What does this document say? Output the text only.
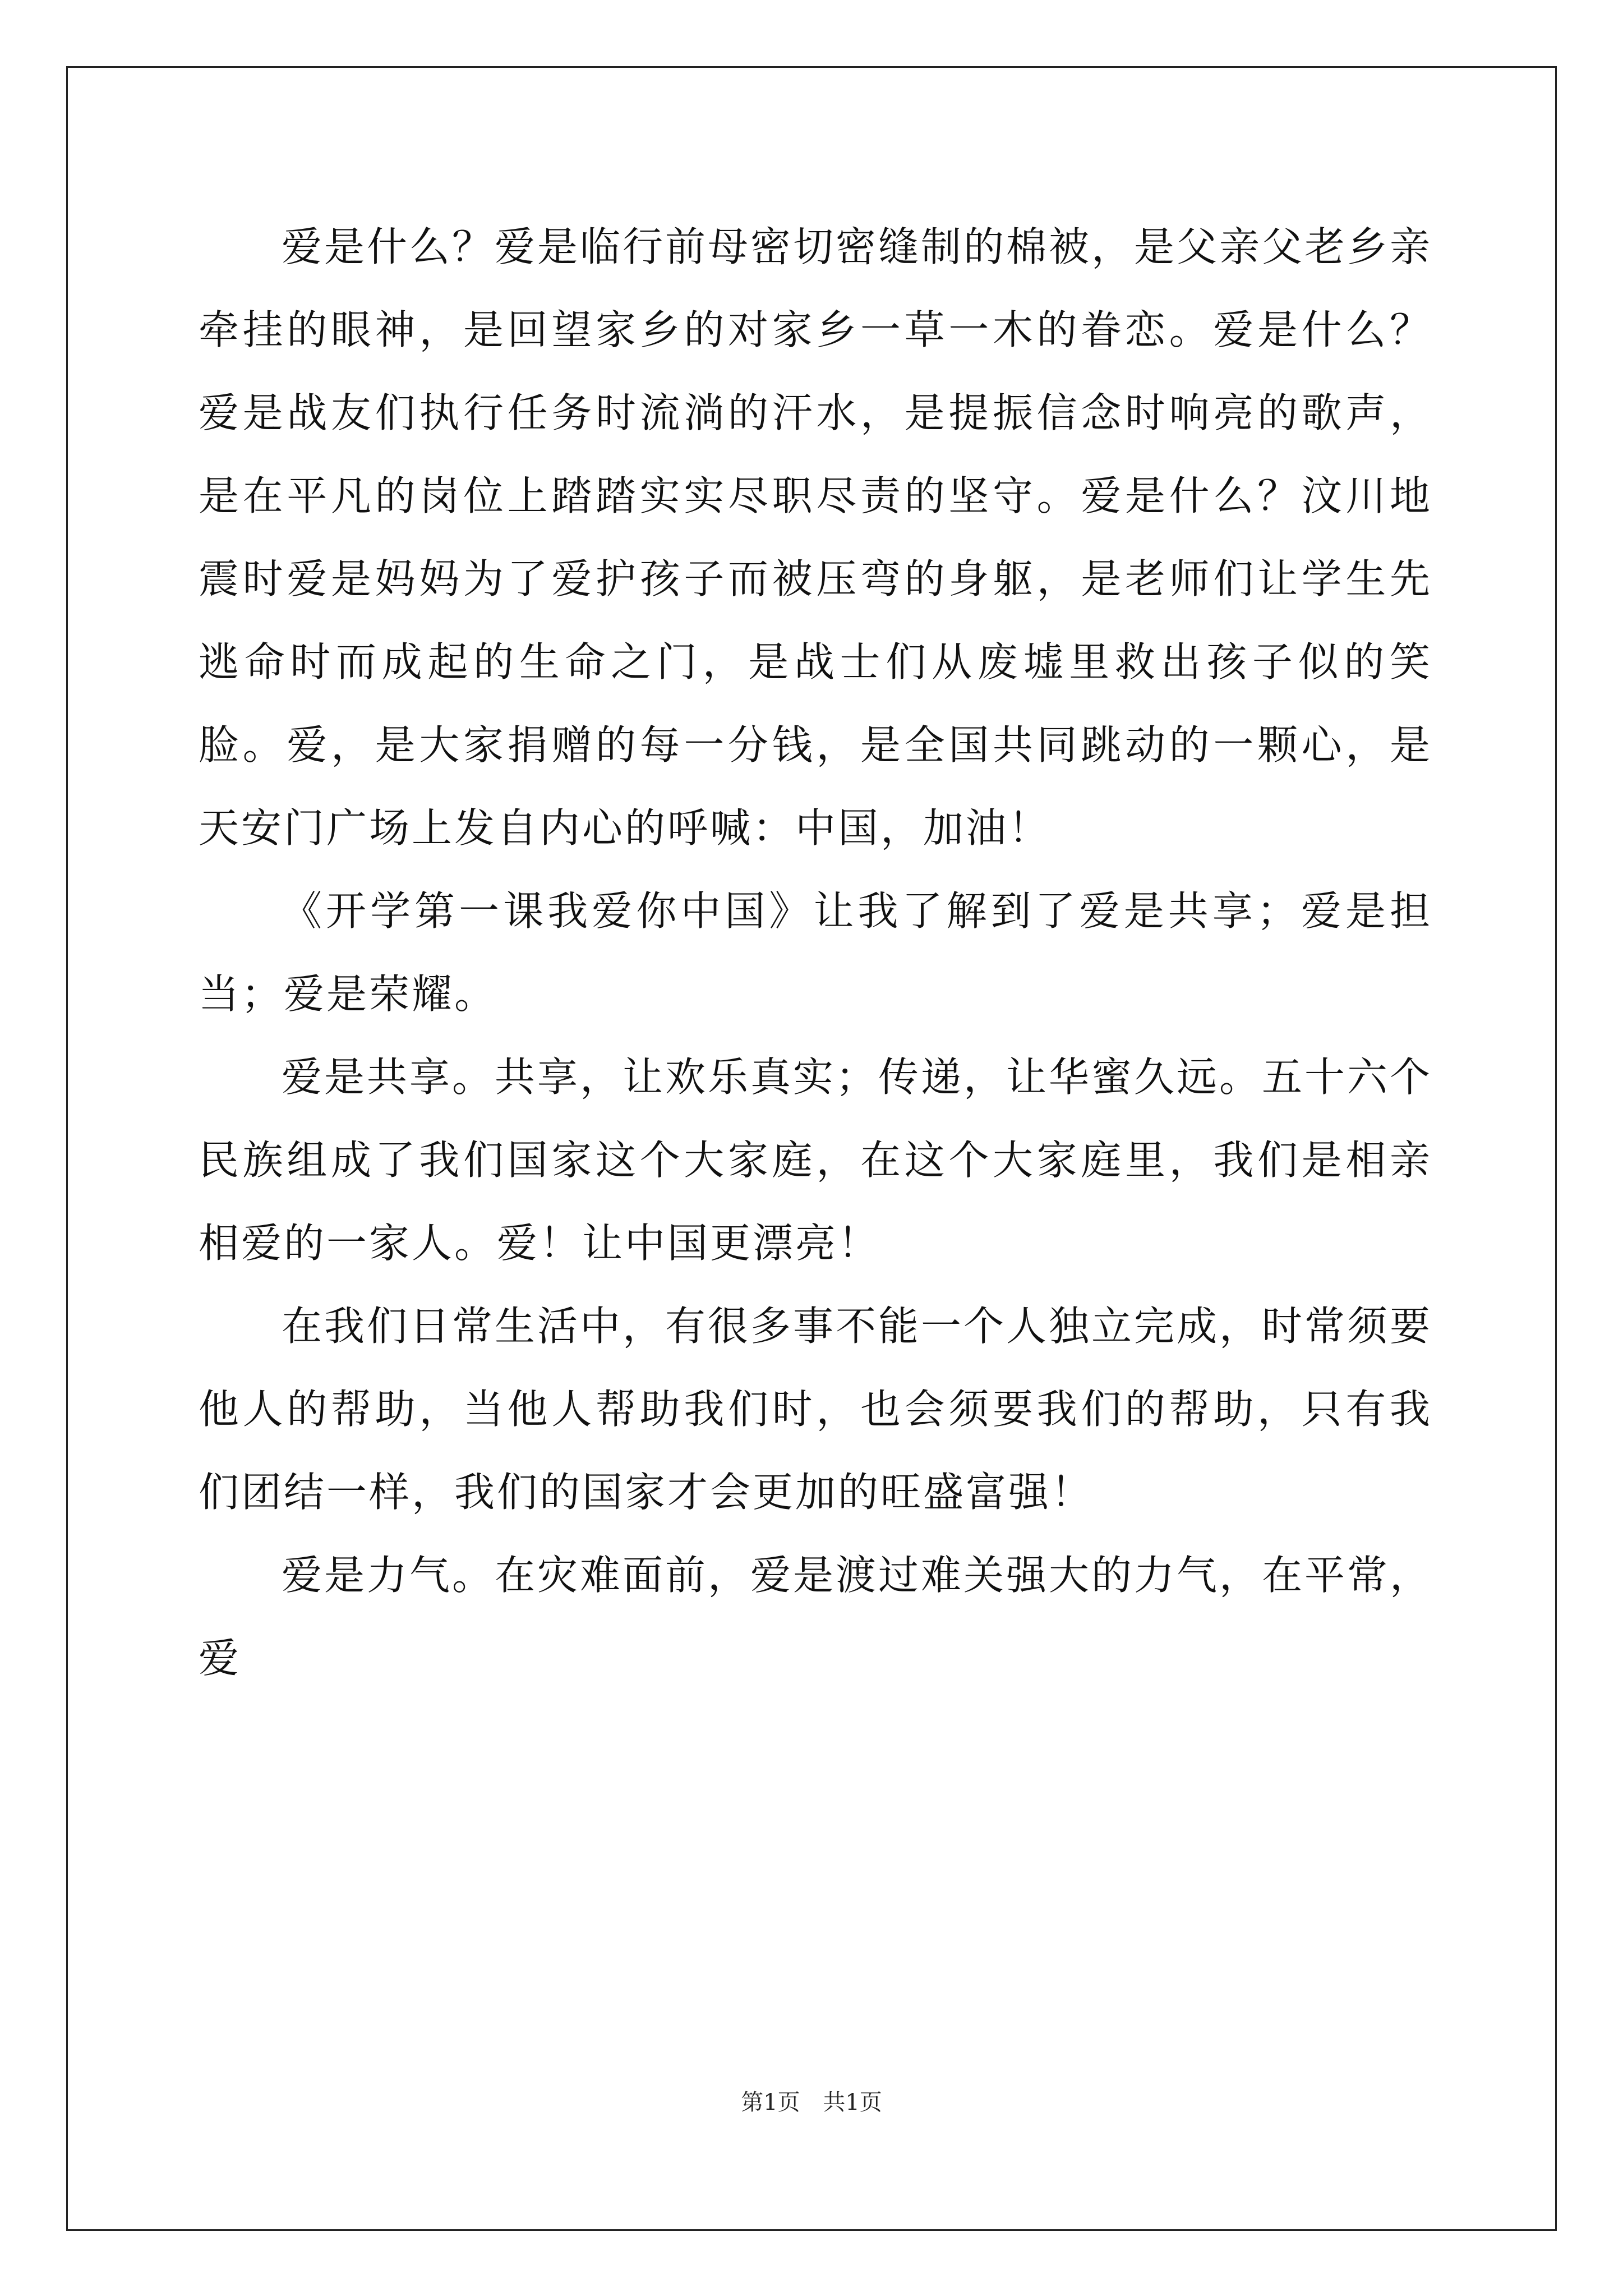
爱是什么？爱是临行前母密切密缝制的棉被，是父亲父老乡亲牵挂的眼神，是回望家乡的对家乡一草一木的眷恋。爱是什么？爱是战友们执行任务时流淌的汗水，是提振信念时响亮的歌声，是在平凡的岗位上踏踏实实尽职尽责的坚守。爱是什么？汶川地震时爱是妈妈为了爱护孩子而被压弯的身躯，是老师们让学生先逃命时而成起的生命之门，是战士们从废墟里救出孩子似的笑脸。爱，是大家捐赠的每一分钱，是全国共同跳动的一颗心，是天安门广场上发自内心的呼喊：中国，加油！

《开学第一课我爱你中国》让我了解到了爱是共享；爱是担当；爱是荣耀。

爱是共享。共享，让欢乐真实；传递，让华蜜久远。五十六个民族组成了我们国家这个大家庭，在这个大家庭里，我们是相亲相爱的一家人。爱！让中国更漂亮！

在我们日常生活中，有很多事不能一个人独立完成，时常须要他人的帮助，当他人帮助我们时，也会须要我们的帮助，只有我们团结一样，我们的国家才会更加的旺盛富强！

爱是力气。在灾难面前，爱是渡过难关强大的力气，在平常，爱

第1页 共1页
